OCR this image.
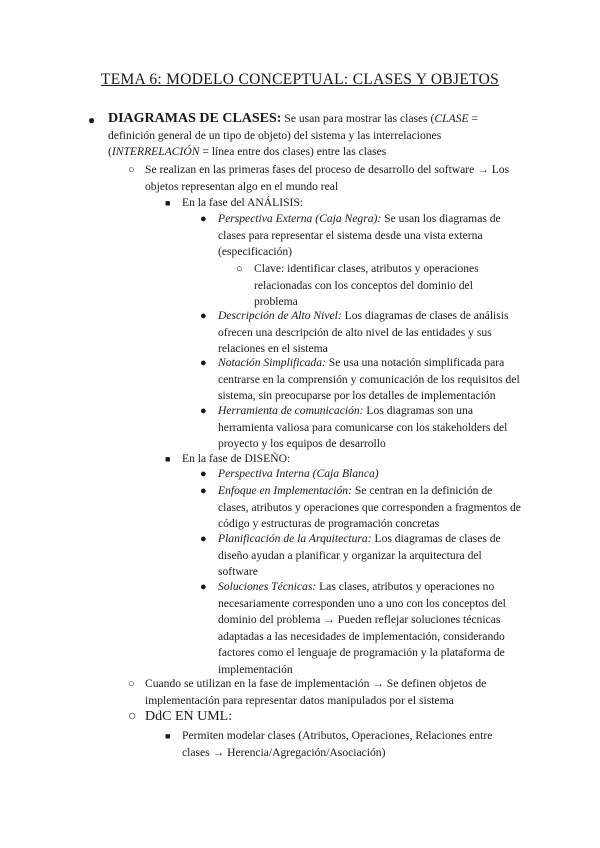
TEMA 6: MODELO CONCEPTUAL: CLASES Y OBJETOS
● DIAGRAMAS DE CLASES: Se usan para mostrar las clases (CLASE = definición general de un tipo de objeto) del sistema y las interrelaciones (INTERRELACIÓN = línea entre dos clases) entre las clases
○ Se realizan en las primeras fases del proceso de desarrollo del software → Los objetos representan algo en el mundo real
■ En la fase del ANÁLISIS:
● Perspectiva Externa (Caja Negra): Se usan los diagramas de clases para representar el sistema desde una vista externa (especificación)
○ Clave: identificar clases, atributos y operaciones relacionadas con los conceptos del dominio del problema
● Descripción de Alto Nivel: Los diagramas de clases de análisis ofrecen una descripción de alto nivel de las entidades y sus relaciones en el sistema
● Notación Simplificada: Se usa una notación simplificada para centrarse en la comprensión y comunicación de los requisitos del sistema, sin preocuparse por los detalles de implementación
● Herramienta de comunicación: Los diagramas son una herramienta valiosa para comunicarse con los stakeholders del proyecto y los equipos de desarrollo
■ En la fase de DISEÑO:
● Perspectiva Interna (Caja Blanca)
● Enfoque en Implementación: Se centran en la definición de clases, atributos y operaciones que corresponden a fragmentos de código y estructuras de programación concretas
● Planificación de la Arquitectura: Los diagramas de clases de diseño ayudan a planificar y organizar la arquitectura del software
● Soluciones Técnicas: Las clases, atributos y operaciones no necesariamente corresponden uno a uno con los conceptos del dominio del problema → Pueden reflejar soluciones técnicas adaptadas a las necesidades de implementación, considerando factores como el lenguaje de programación y la plataforma de implementación
○ Cuando se utilizan en la fase de implementación → Se definen objetos de implementación para representar datos manipulados por el sistema
○ DdC EN UML:
■ Permiten modelar clases (Atributos, Operaciones, Relaciones entre clases → Herencia/Agregación/Asociación)
